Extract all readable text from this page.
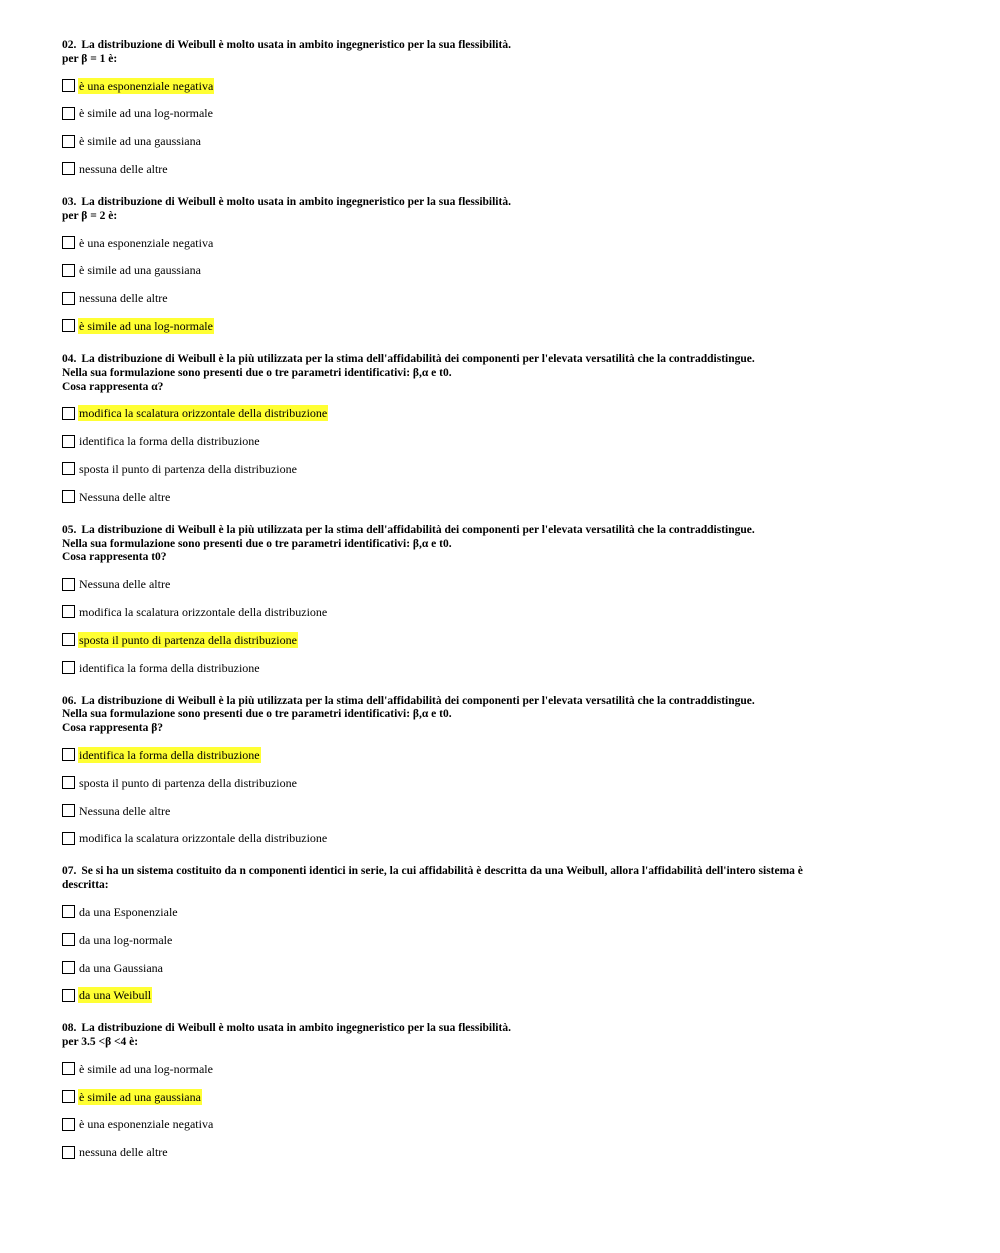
02. La distribuzione di Weibull è molto usata in ambito ingegneristico per la sua flessibilità.
per β = 1 è:
è una esponenziale negativa
è simile ad una log-normale
è simile ad una gaussiana
nessuna delle altre
03. La distribuzione di Weibull è molto usata in ambito ingegneristico per la sua flessibilità.
per β = 2 è:
è una esponenziale negativa
è simile ad una gaussiana
nessuna delle altre
è simile ad una log-normale
04. La distribuzione di Weibull è la più utilizzata per la stima dell'affidabilità dei componenti per l'elevata versatilità che la contraddistingue.
Nella sua formulazione sono presenti due o tre parametri identificativi: β,α e t0.
Cosa rappresenta α?
modifica la scalatura orizzontale della distribuzione
identifica la forma della distribuzione
sposta il punto di partenza della distribuzione
Nessuna delle altre
05. La distribuzione di Weibull è la più utilizzata per la stima dell'affidabilità dei componenti per l'elevata versatilità che la contraddistingue.
Nella sua formulazione sono presenti due o tre parametri identificativi: β,α e t0.
Cosa rappresenta t0?
Nessuna delle altre
modifica la scalatura orizzontale della distribuzione
sposta il punto di partenza della distribuzione
identifica la forma della distribuzione
06. La distribuzione di Weibull è la più utilizzata per la stima dell'affidabilità dei componenti per l'elevata versatilità che la contraddistingue.
Nella sua formulazione sono presenti due o tre parametri identificativi: β,α e t0.
Cosa rappresenta β?
identifica la forma della distribuzione
sposta il punto di partenza della distribuzione
Nessuna delle altre
modifica la scalatura orizzontale della distribuzione
07. Se si ha un sistema costituito da n componenti identici in serie, la cui affidabilità è descritta da una Weibull, allora l'affidabilità dell'intero sistema è
descritta:
da una Esponenziale
da una log-normale
da una Gaussiana
da una Weibull
08. La distribuzione di Weibull è molto usata in ambito ingegneristico per la sua flessibilità.
per 3.5 <β <4 è:
è simile ad una log-normale
è simile ad una gaussiana
è una esponenziale negativa
nessuna delle altre
